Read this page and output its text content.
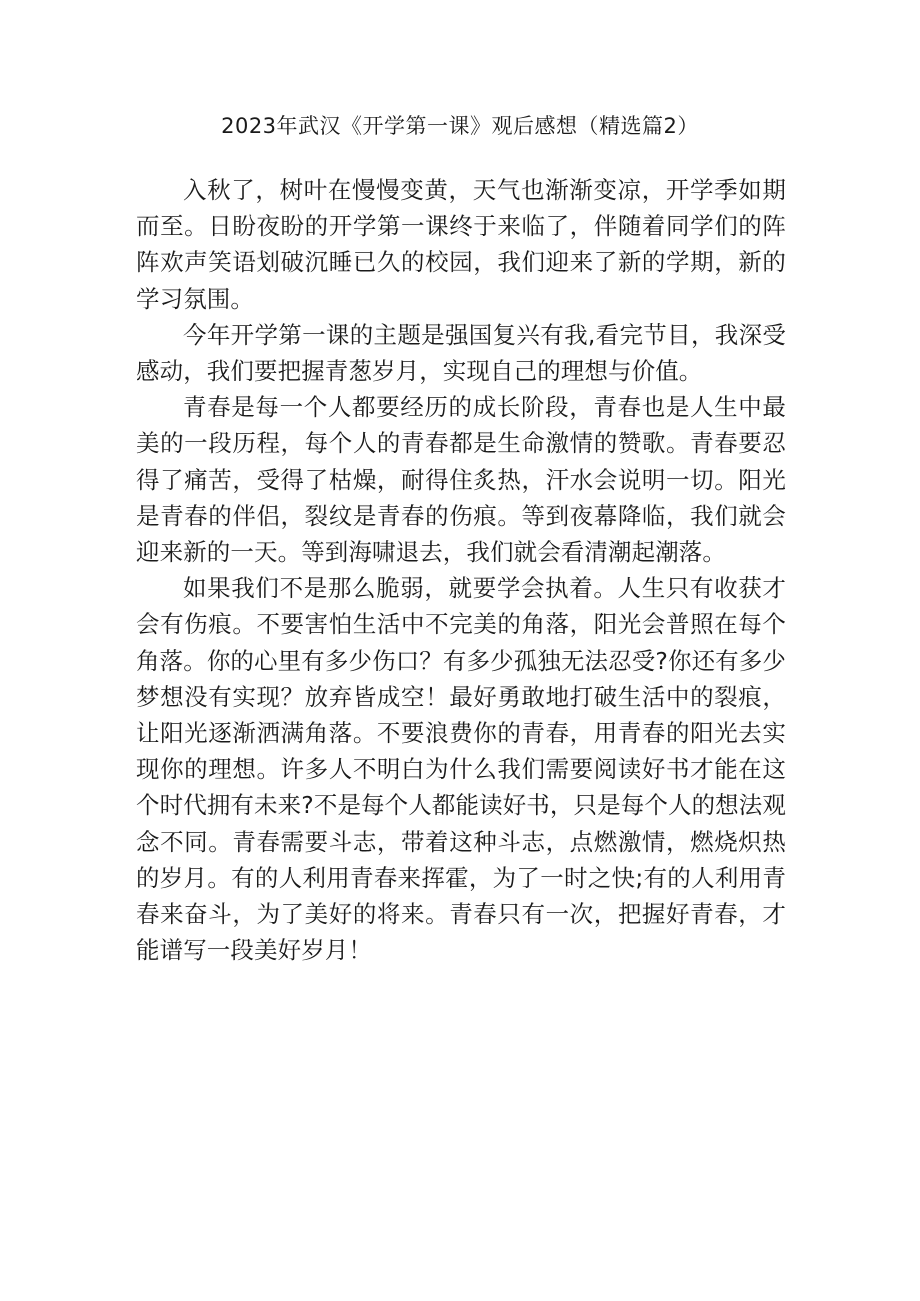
2023年武汉《开学第一课》观后感想（精选篇2）

入秋了，树叶在慢慢变黄，天气也渐渐变凉，开学季如期而至。日盼夜盼的开学第一课终于来临了，伴随着同学们的阵阵欢声笑语划破沉睡已久的校园，我们迎来了新的学期，新的学习氛围。

今年开学第一课的主题是强国复兴有我,看完节目，我深受感动，我们要把握青葱岁月，实现自己的理想与价值。

青春是每一个人都要经历的成长阶段，青春也是人生中最美的一段历程，每个人的青春都是生命激情的赞歌。青春要忍得了痛苦，受得了枯燥，耐得住炙热，汗水会说明一切。阳光是青春的伴侣，裂纹是青春的伤痕。等到夜幕降临，我们就会迎来新的一天。等到海啸退去，我们就会看清潮起潮落。

如果我们不是那么脆弱，就要学会执着。人生只有收获才会有伤痕。不要害怕生活中不完美的角落，阳光会普照在每个角落。你的心里有多少伤口？有多少孤独无法忍受?你还有多少梦想没有实现？放弃皆成空！最好勇敢地打破生活中的裂痕，让阳光逐渐洒满角落。不要浪费你的青春，用青春的阳光去实现你的理想。许多人不明白为什么我们需要阅读好书才能在这个时代拥有未来?不是每个人都能读好书，只是每个人的想法观念不同。青春需要斗志，带着这种斗志，点燃激情，燃烧炽热的岁月。有的人利用青春来挥霍，为了一时之快;有的人利用青春来奋斗，为了美好的将来。青春只有一次，把握好青春，才能谱写一段美好岁月！
